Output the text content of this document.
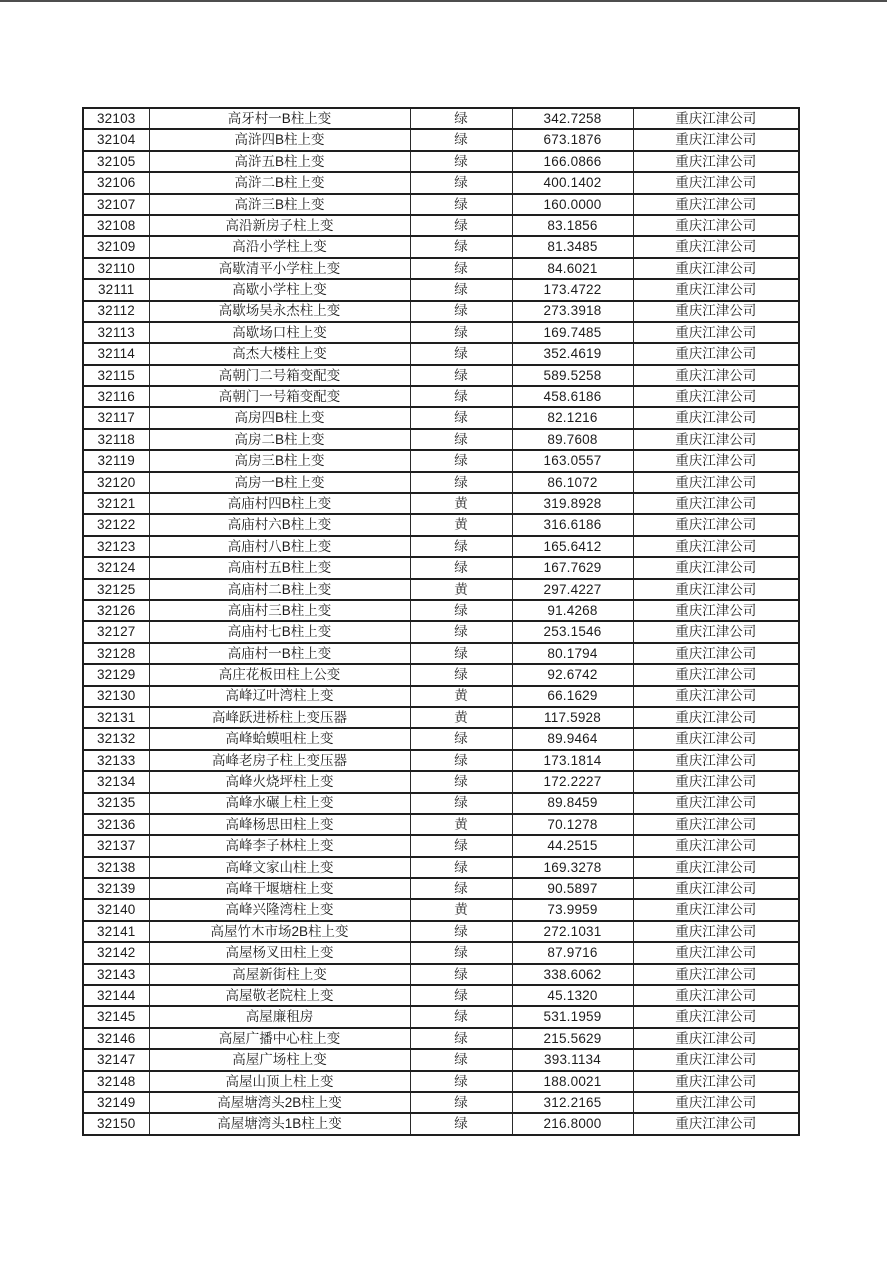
32103	高牙村一B柱上变	绿	342.7258	重庆江津公司
32104	高浒四B柱上变	绿	673.1876	重庆江津公司
32105	高浒五B柱上变	绿	166.0866	重庆江津公司
32106	高浒二B柱上变	绿	400.1402	重庆江津公司
32107	高浒三B柱上变	绿	160.0000	重庆江津公司
32108	高沿新房子柱上变	绿	83.1856	重庆江津公司
32109	高沿小学柱上变	绿	81.3485	重庆江津公司
32110	高歇清平小学柱上变	绿	84.6021	重庆江津公司
32111	高歇小学柱上变	绿	173.4722	重庆江津公司
32112	高歇场吴永杰柱上变	绿	273.3918	重庆江津公司
32113	高歇场口柱上变	绿	169.7485	重庆江津公司
32114	高杰大楼柱上变	绿	352.4619	重庆江津公司
32115	高朝门二号箱变配变	绿	589.5258	重庆江津公司
32116	高朝门一号箱变配变	绿	458.6186	重庆江津公司
32117	高房四B柱上变	绿	82.1216	重庆江津公司
32118	高房二B柱上变	绿	89.7608	重庆江津公司
32119	高房三B柱上变	绿	163.0557	重庆江津公司
32120	高房一B柱上变	绿	86.1072	重庆江津公司
32121	高庙村四B柱上变	黄	319.8928	重庆江津公司
32122	高庙村六B柱上变	黄	316.6186	重庆江津公司
32123	高庙村八B柱上变	绿	165.6412	重庆江津公司
32124	高庙村五B柱上变	绿	167.7629	重庆江津公司
32125	高庙村二B柱上变	黄	297.4227	重庆江津公司
32126	高庙村三B柱上变	绿	91.4268	重庆江津公司
32127	高庙村七B柱上变	绿	253.1546	重庆江津公司
32128	高庙村一B柱上变	绿	80.1794	重庆江津公司
32129	高庄花板田柱上公变	绿	92.6742	重庆江津公司
32130	高峰辽叶湾柱上变	黄	66.1629	重庆江津公司
32131	高峰跃进桥柱上变压器	黄	117.5928	重庆江津公司
32132	高峰蛤蟆咀柱上变	绿	89.9464	重庆江津公司
32133	高峰老房子柱上变压器	绿	173.1814	重庆江津公司
32134	高峰火烧坪柱上变	绿	172.2227	重庆江津公司
32135	高峰水碾上柱上变	绿	89.8459	重庆江津公司
32136	高峰杨思田柱上变	黄	70.1278	重庆江津公司
32137	高峰李子林柱上变	绿	44.2515	重庆江津公司
32138	高峰文家山柱上变	绿	169.3278	重庆江津公司
32139	高峰干堰塘柱上变	绿	90.5897	重庆江津公司
32140	高峰兴隆湾柱上变	黄	73.9959	重庆江津公司
32141	高屋竹木市场2B柱上变	绿	272.1031	重庆江津公司
32142	高屋杨叉田柱上变	绿	87.9716	重庆江津公司
32143	高屋新街柱上变	绿	338.6062	重庆江津公司
32144	高屋敬老院柱上变	绿	45.1320	重庆江津公司
32145	高屋廉租房	绿	531.1959	重庆江津公司
32146	高屋广播中心柱上变	绿	215.5629	重庆江津公司
32147	高屋广场柱上变	绿	393.1134	重庆江津公司
32148	高屋山顶上柱上变	绿	188.0021	重庆江津公司
32149	高屋塘湾头2B柱上变	绿	312.2165	重庆江津公司
32150	高屋塘湾头1B柱上变	绿	216.8000	重庆江津公司
